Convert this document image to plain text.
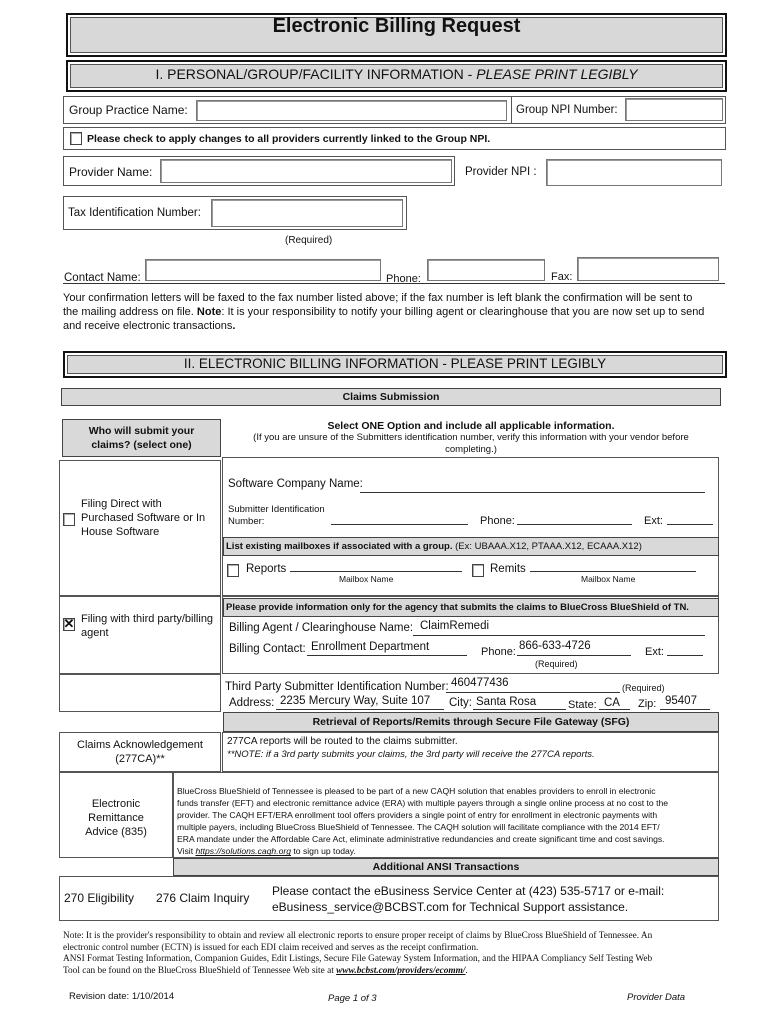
Electronic Billing Request
I. PERSONAL/GROUP/FACILITY INFORMATION - PLEASE PRINT LEGIBLY
Group Practice Name:	Group NPI Number:
Please check to apply changes to all providers currently linked to the Group NPI.
Provider Name:	Provider NPI :
Tax Identification Number:
(Required)
Contact Name:	Phone:	Fax:
Your confirmation letters will be faxed to the fax number listed above; if the fax number is left blank the confirmation will be sent to
the mailing address on file. Note: It is your responsibility to notify your billing agent or clearinghouse that you are now set up to send
and receive electronic transactions.
II. ELECTRONIC BILLING INFORMATION - PLEASE PRINT LEGIBLY
Claims Submission
Who will submit your
claims? (select one)
Select ONE Option and include all applicable information.
(If you are unsure of the Submitters identification number, verify this information with your vendor before
completing.)
Filing Direct with
Purchased Software or In
House Software
Software Company Name:
Submitter Identification
Number:	Phone:	Ext:
List existing mailboxes if associated with a group. (Ex: UBAAA.X12, PTAAA.X12, ECAAA.X12)
Reports
Mailbox Name
Remits
Mailbox Name
✕ Filing with third party/billing
agent
Please provide information only for the agency that submits the claims to BlueCross BlueShield of TN.
Billing Agent / Clearinghouse Name: ClaimRemedi
Billing Contact: Enrollment Department	Phone: 866-633-4726	Ext:
(Required)
Third Party Submitter Identification Number: 460477436	(Required)
Address: 2235 Mercury Way, Suite 107 City: Santa Rosa	State: CA Zip: 95407
Retrieval of Reports/Remits through Secure File Gateway (SFG)
Claims Acknowledgement
(277CA)**
277CA reports will be routed to the claims submitter.
**NOTE: if a 3rd party submits your claims, the 3rd party will receive the 277CA reports.
Electronic
Remittance
Advice (835)
BlueCross BlueShield of Tennessee is pleased to be part of a new CAQH solution that enables providers to enroll in electronic
funds transfer (EFT) and electronic remittance advice (ERA) with multiple payers through a single online process at no cost to the
provider. The CAQH EFT/ERA enrollment tool offers providers a single point of entry for enrollment in electronic payments with
multiple payers, including BlueCross BlueShield of Tennessee. The CAQH solution will facilitate compliance with the 2014 EFT/
ERA mandate under the Affordable Care Act, eliminate administrative redundancies and create significant time and cost savings.
Visit https://solutions.caqh.org to sign up today.
Additional ANSI Transactions
270 Eligibility 276 Claim Inquiry Please contact the eBusiness Service Center at (423) 535-5717 or e-mail:
eBusiness_service@BCBST.com for Technical Support assistance.
Note: It is the provider's responsibility to obtain and review all electronic reports to ensure proper receipt of claims by BlueCross BlueShield of Tennessee. An
electronic control number (ECTN) is issued for each EDI claim received and serves as the receipt confirmation.
ANSI Format Testing Information, Companion Guides, Edit Listings, Secure File Gateway System Information, and the HIPAA Compliancy Self Testing Web
Tool can be found on the BlueCross BlueShield of Tennessee Web site at www.bcbst.com/providers/ecomm/.
Revision date: 1/10/2014	Page 1 of 3	Provider Data
